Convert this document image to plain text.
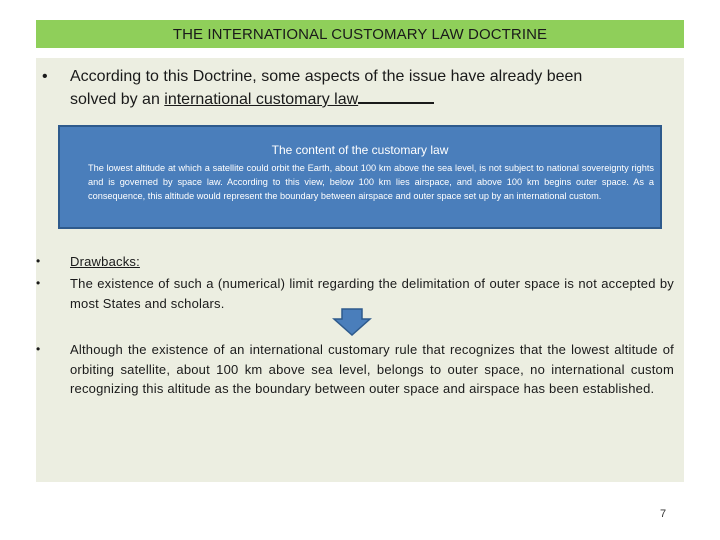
THE INTERNATIONAL CUSTOMARY LAW DOCTRINE
• According to this Doctrine, some aspects of the issue have already been
solved by an international customary law
The content of the customary law
The lowest altitude at which a satellite could orbit the Earth, about 100 km above the sea level, is not subject to national sovereignty rights and is governed by space law. According to this view, below 100 km lies airspace, and above 100 km begins outer space. As a consequence, this altitude would represent the boundary between airspace and outer space set up by an international custom.
• Drawbacks:
• The existence of such a (numerical) limit regarding the delimitation of outer space is not accepted by most States and scholars.
• Although the existence of an international customary rule that recognizes that the lowest altitude of orbiting satellite, about 100 km above sea level, belongs to outer space, no international custom recognizing this altitude as the boundary between outer space and airspace has been established.
7
